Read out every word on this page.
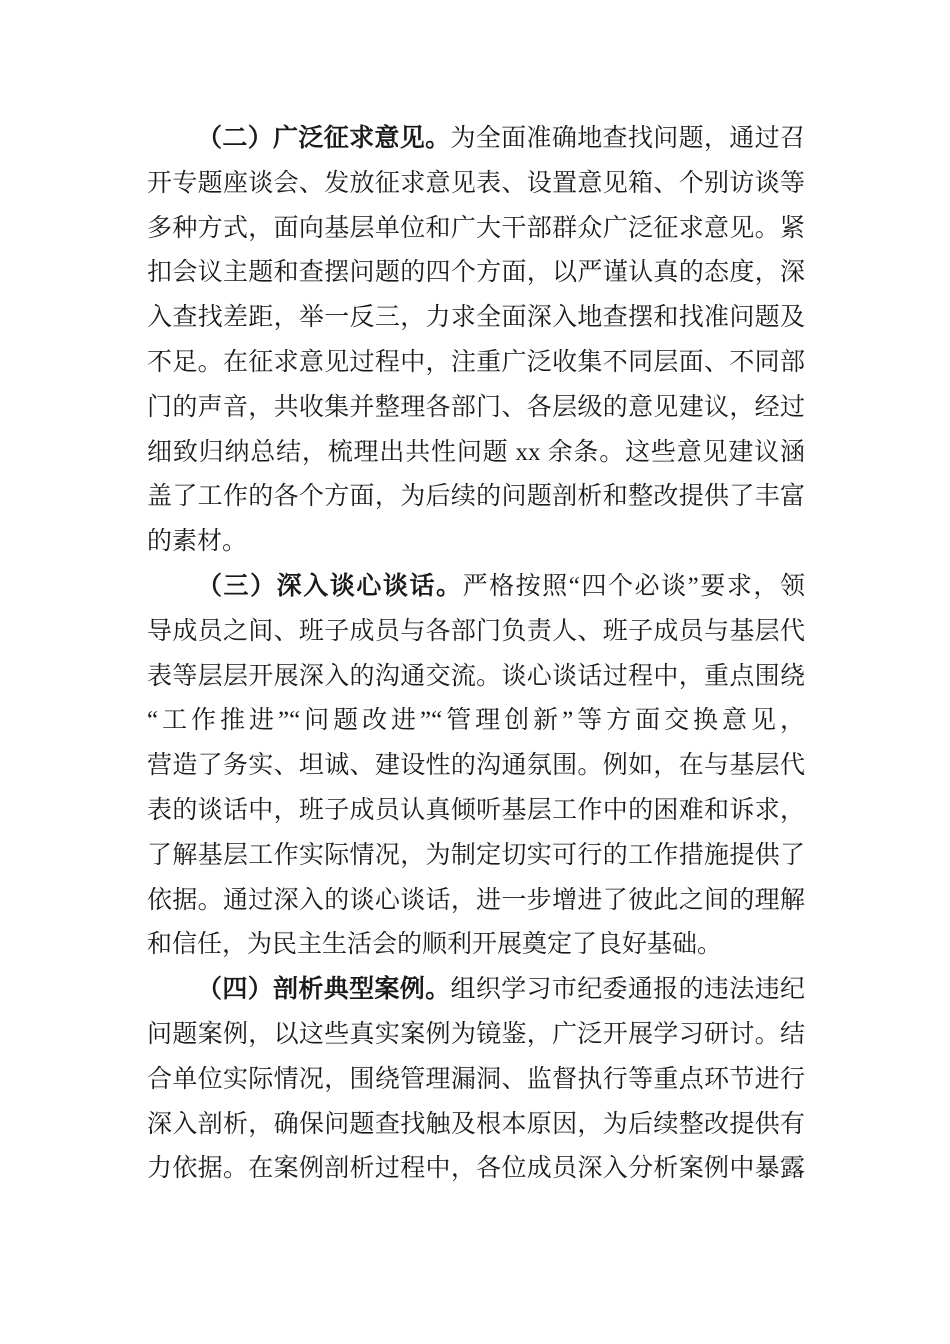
（二）广泛征求意见。为全面准确地查找问题，通过召
开专题座谈会、发放征求意见表、设置意见箱、个别访谈等
多种方式，面向基层单位和广大干部群众广泛征求意见。紧
扣会议主题和查摆问题的四个方面，以严谨认真的态度，深
入查找差距，举一反三，力求全面深入地查摆和找准问题及
不足。在征求意见过程中，注重广泛收集不同层面、不同部
门的声音，共收集并整理各部门、各层级的意见建议，经过
细致归纳总结，梳理出共性问题 xx 余条。这些意见建议涵
盖了工作的各个方面，为后续的问题剖析和整改提供了丰富
的素材。
（三）深入谈心谈话。严格按照“四个必谈”要求，领
导成员之间、班子成员与各部门负责人、班子成员与基层代
表等层层开展深入的沟通交流。谈心谈话过程中，重点围绕
“工作推进”“问题改进”“管理创新”等方面交换意见，
营造了务实、坦诚、建设性的沟通氛围。例如，在与基层代
表的谈话中，班子成员认真倾听基层工作中的困难和诉求，
了解基层工作实际情况，为制定切实可行的工作措施提供了
依据。通过深入的谈心谈话，进一步增进了彼此之间的理解
和信任，为民主生活会的顺利开展奠定了良好基础。
（四）剖析典型案例。组织学习市纪委通报的违法违纪
问题案例，以这些真实案例为镜鉴，广泛开展学习研讨。结
合单位实际情况，围绕管理漏洞、监督执行等重点环节进行
深入剖析，确保问题查找触及根本原因，为后续整改提供有
力依据。在案例剖析过程中，各位成员深入分析案例中暴露
